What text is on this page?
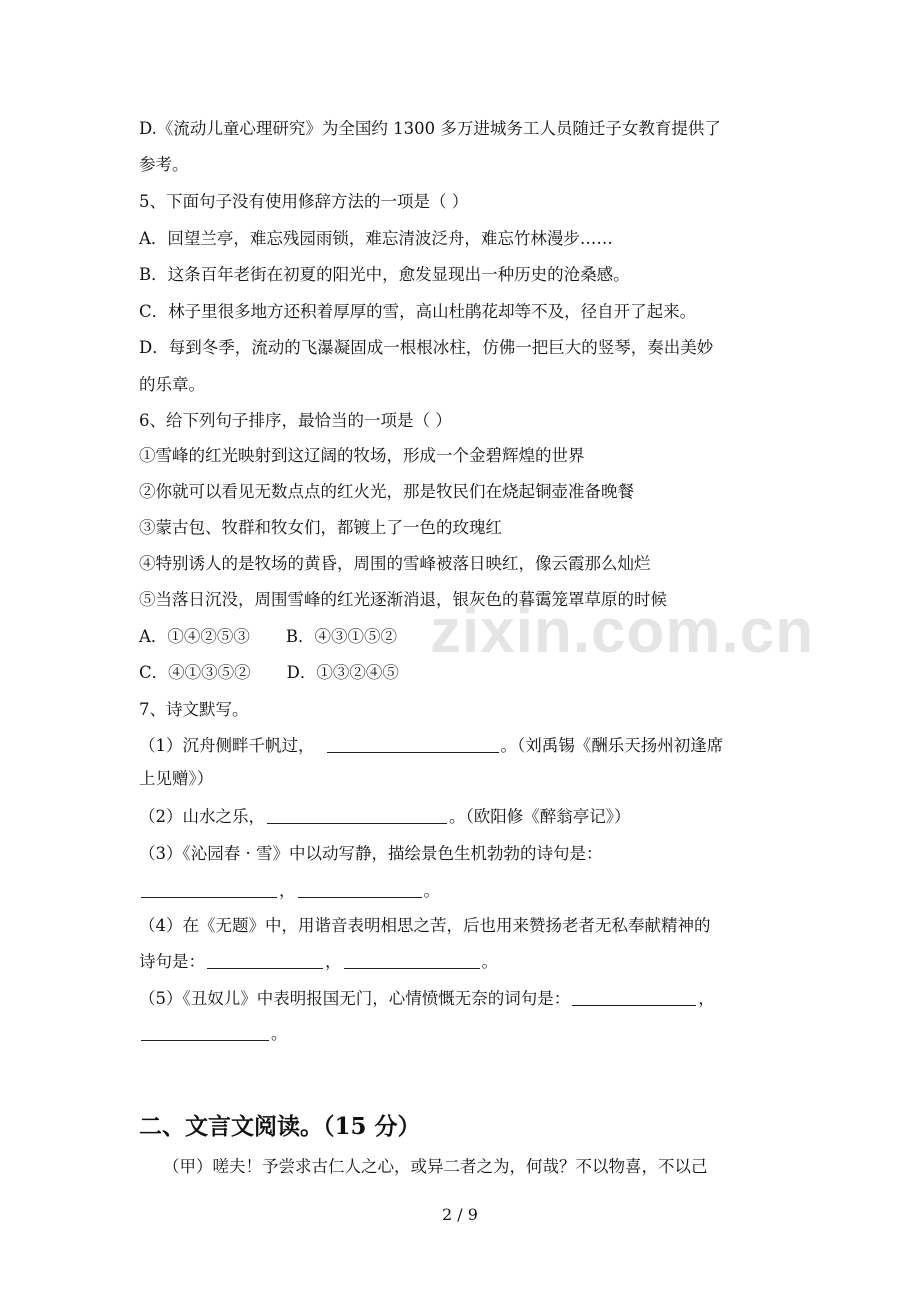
zixin.com.cn
D.《流动儿童心理研究》为全国约 1300 多万进城务工人员随迁子女教育提供了
参考。
5、下面句子没有使用修辞方法的一项是（ ）
A．回望兰亭，难忘残园雨锁，难忘清波泛舟，难忘竹林漫步……
B．这条百年老街在初夏的阳光中，愈发显现出一种历史的沧桑感。
C．林子里很多地方还积着厚厚的雪，高山杜鹃花却等不及，径自开了起来。
D．每到冬季，流动的飞瀑凝固成一根根冰柱，仿佛一把巨大的竖琴，奏出美妙
的乐章。
6、给下列句子排序，最恰当的一项是（ ）
①雪峰的红光映射到这辽阔的牧场，形成一个金碧辉煌的世界
②你就可以看见无数点点的红火光，那是牧民们在烧起铜壶准备晚餐
③蒙古包、牧群和牧女们，都镀上了一色的玫瑰红
④特别诱人的是牧场的黄昏，周围的雪峰被落日映红，像云霞那么灿烂
⑤当落日沉没，周围雪峰的红光逐渐消退，银灰色的暮霭笼罩草原的时候
A．①④②⑤③ B．④③①⑤②
C．④①③⑤② D．①③②④⑤
7、诗文默写。
（1）沉舟侧畔千帆过，	。（刘禹锡《酬乐天扬州初逢席
上见赠》）
（2）山水之乐，	。（欧阳修《醉翁亭记》）
（3）《沁园春 · 雪》中以动写静，描绘景色生机勃勃的诗句是：
，	。
（4）在《无题》中，用谐音表明相思之苦，后也用来赞扬老者无私奉献精神的
诗句是：	，	。
（5）《丑奴儿》中表明报国无门，心情愤慨无奈的词句是：	，
。
二、文言文阅读。（15 分）
（甲）嗟夫！予尝求古仁人之心，或异二者之为，何哉？不以物喜，不以己
2 / 9
